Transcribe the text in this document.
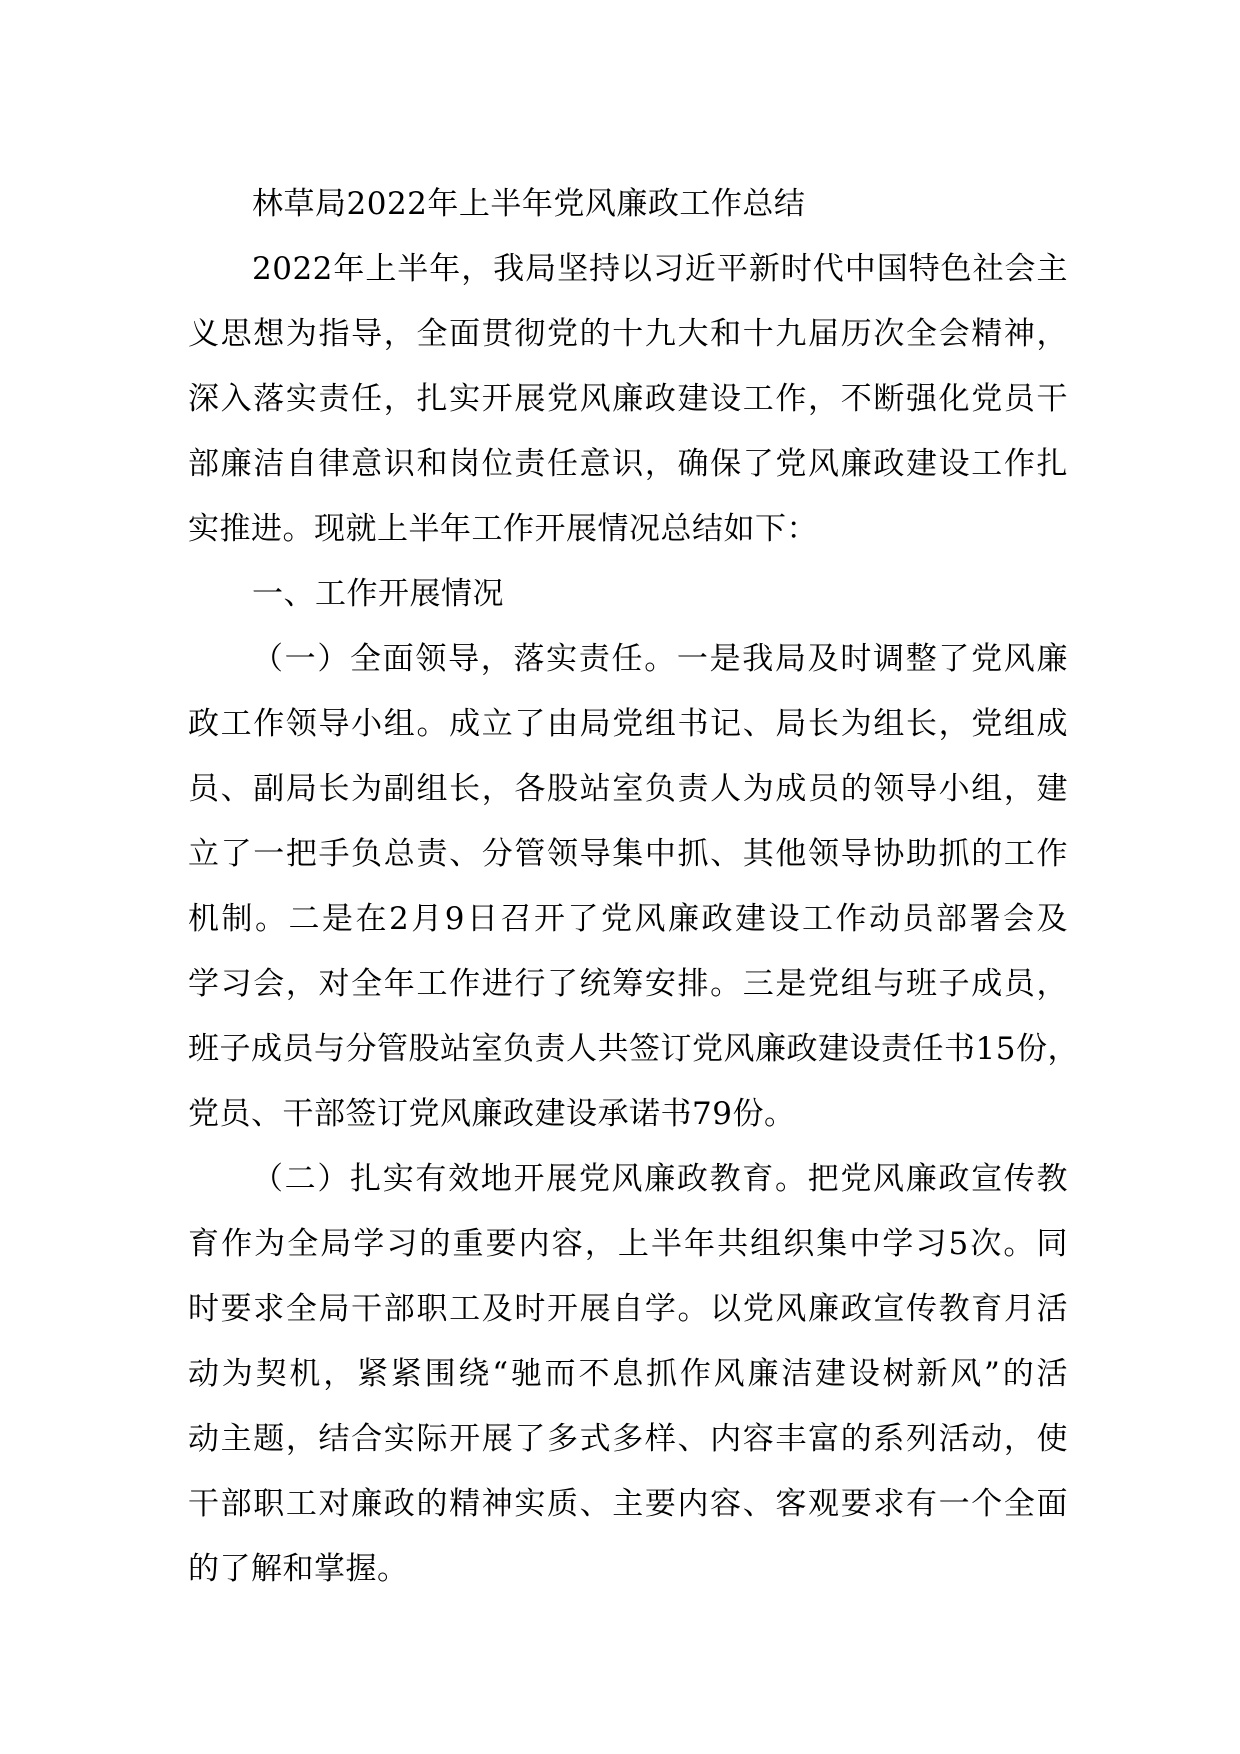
林草局2022年上半年党风廉政工作总结
2022年上半年，我局坚持以习近平新时代中国特色社会主
义思想为指导，全面贯彻党的十九大和十九届历次全会精神，
深入落实责任，扎实开展党风廉政建设工作，不断强化党员干
部廉洁自律意识和岗位责任意识，确保了党风廉政建设工作扎
实推进。现就上半年工作开展情况总结如下：
一、工作开展情况
（一）全面领导，落实责任。一是我局及时调整了党风廉
政工作领导小组。成立了由局党组书记、局长为组长，党组成
员、副局长为副组长，各股站室负责人为成员的领导小组，建
立了一把手负总责、分管领导集中抓、其他领导协助抓的工作
机制。二是在2月9日召开了党风廉政建设工作动员部署会及
学习会，对全年工作进行了统筹安排。三是党组与班子成员，
班子成员与分管股站室负责人共签订党风廉政建设责任书15份，
党员、干部签订党风廉政建设承诺书79份。
（二）扎实有效地开展党风廉政教育。把党风廉政宣传教
育作为全局学习的重要内容，上半年共组织集中学习5次。同
时要求全局干部职工及时开展自学。以党风廉政宣传教育月活
动为契机，紧紧围绕“驰而不息抓作风廉洁建设树新风”的活
动主题，结合实际开展了多式多样、内容丰富的系列活动，使
干部职工对廉政的精神实质、主要内容、客观要求有一个全面
的了解和掌握。
